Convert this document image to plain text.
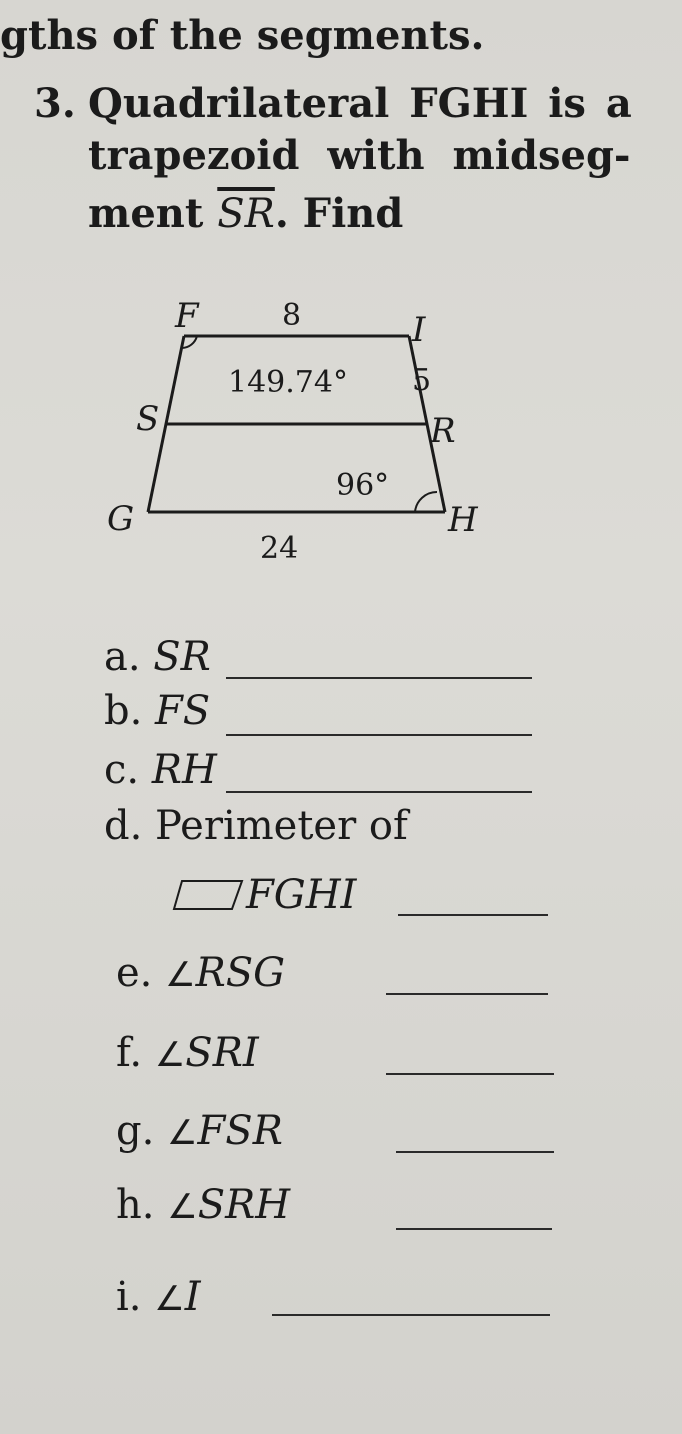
gths of the segments.
3. Quadrilateral FGHI is a
trapezoid with midseg-
ment $\overline{SR}$. Find
F	I
S	R
G	H
8
24
5
149.74°
96°
a. SR
b. FS
c. RH
d. Perimeter of
FGHI
e. ∠RSG
f. ∠SRI
g. ∠FSR
h. ∠SRH
i. ∠I
